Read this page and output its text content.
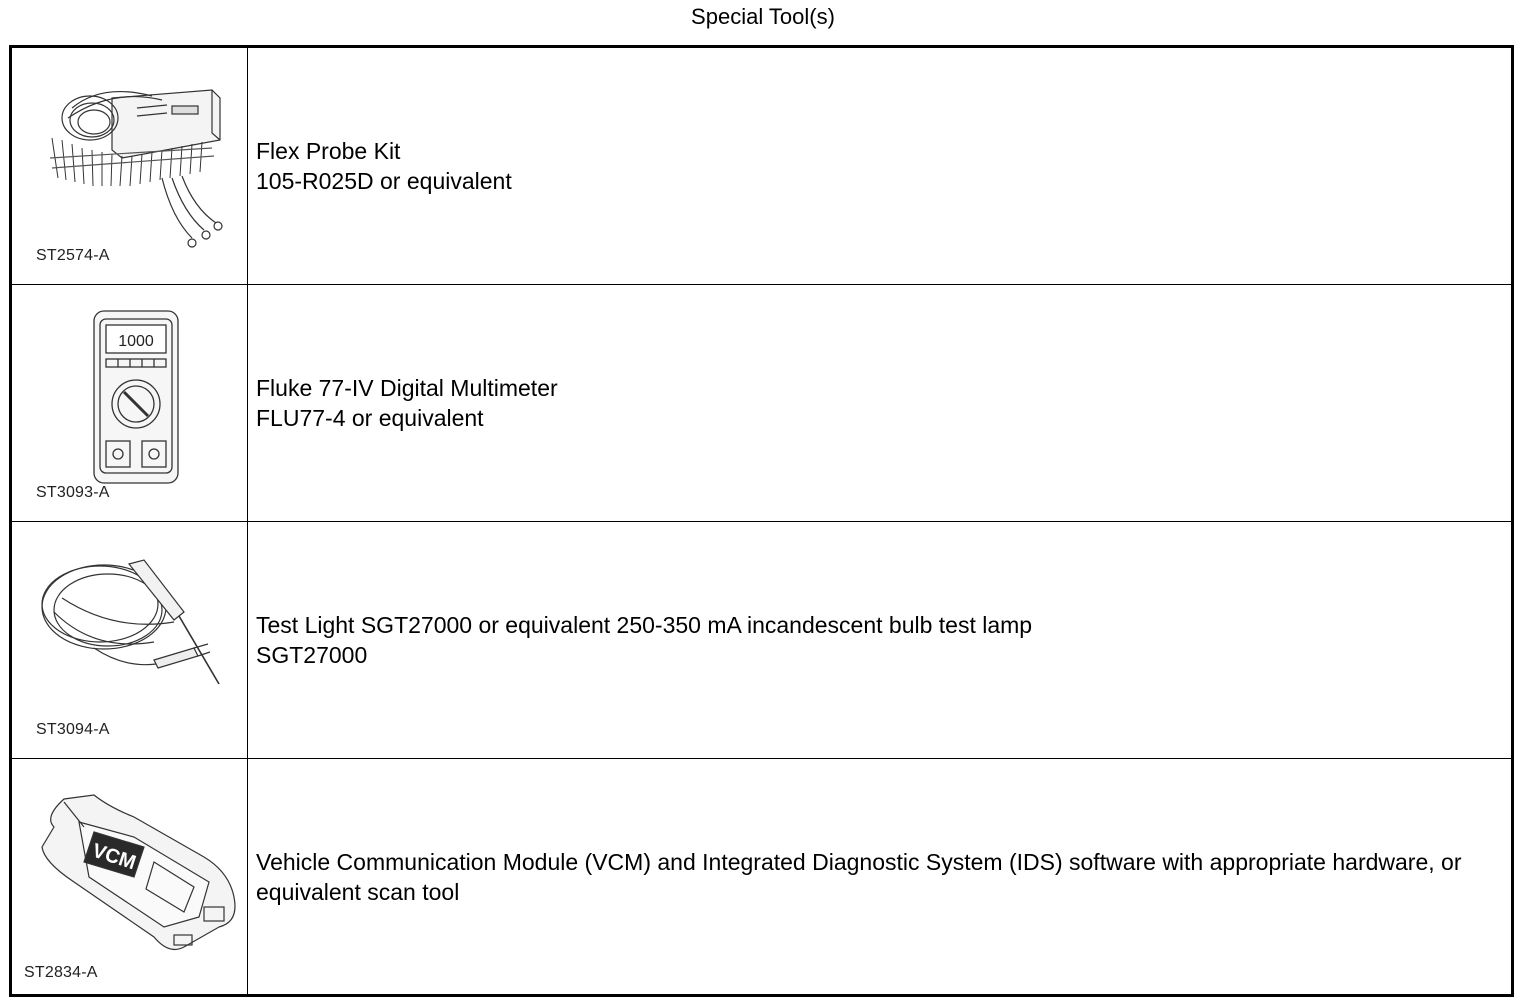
Special Tool(s)
ST2574-A
Flex Probe Kit
105-R025D or equivalent
1000
ST3093-A
Fluke 77-IV Digital Multimeter
FLU77-4 or equivalent
ST3094-A
Test Light SGT27000 or equivalent 250-350 mA incandescent bulb test lamp
SGT27000
VCM
ST2834-A
Vehicle Communication Module (VCM) and Integrated Diagnostic System (IDS) software with appropriate hardware, or equivalent scan tool
